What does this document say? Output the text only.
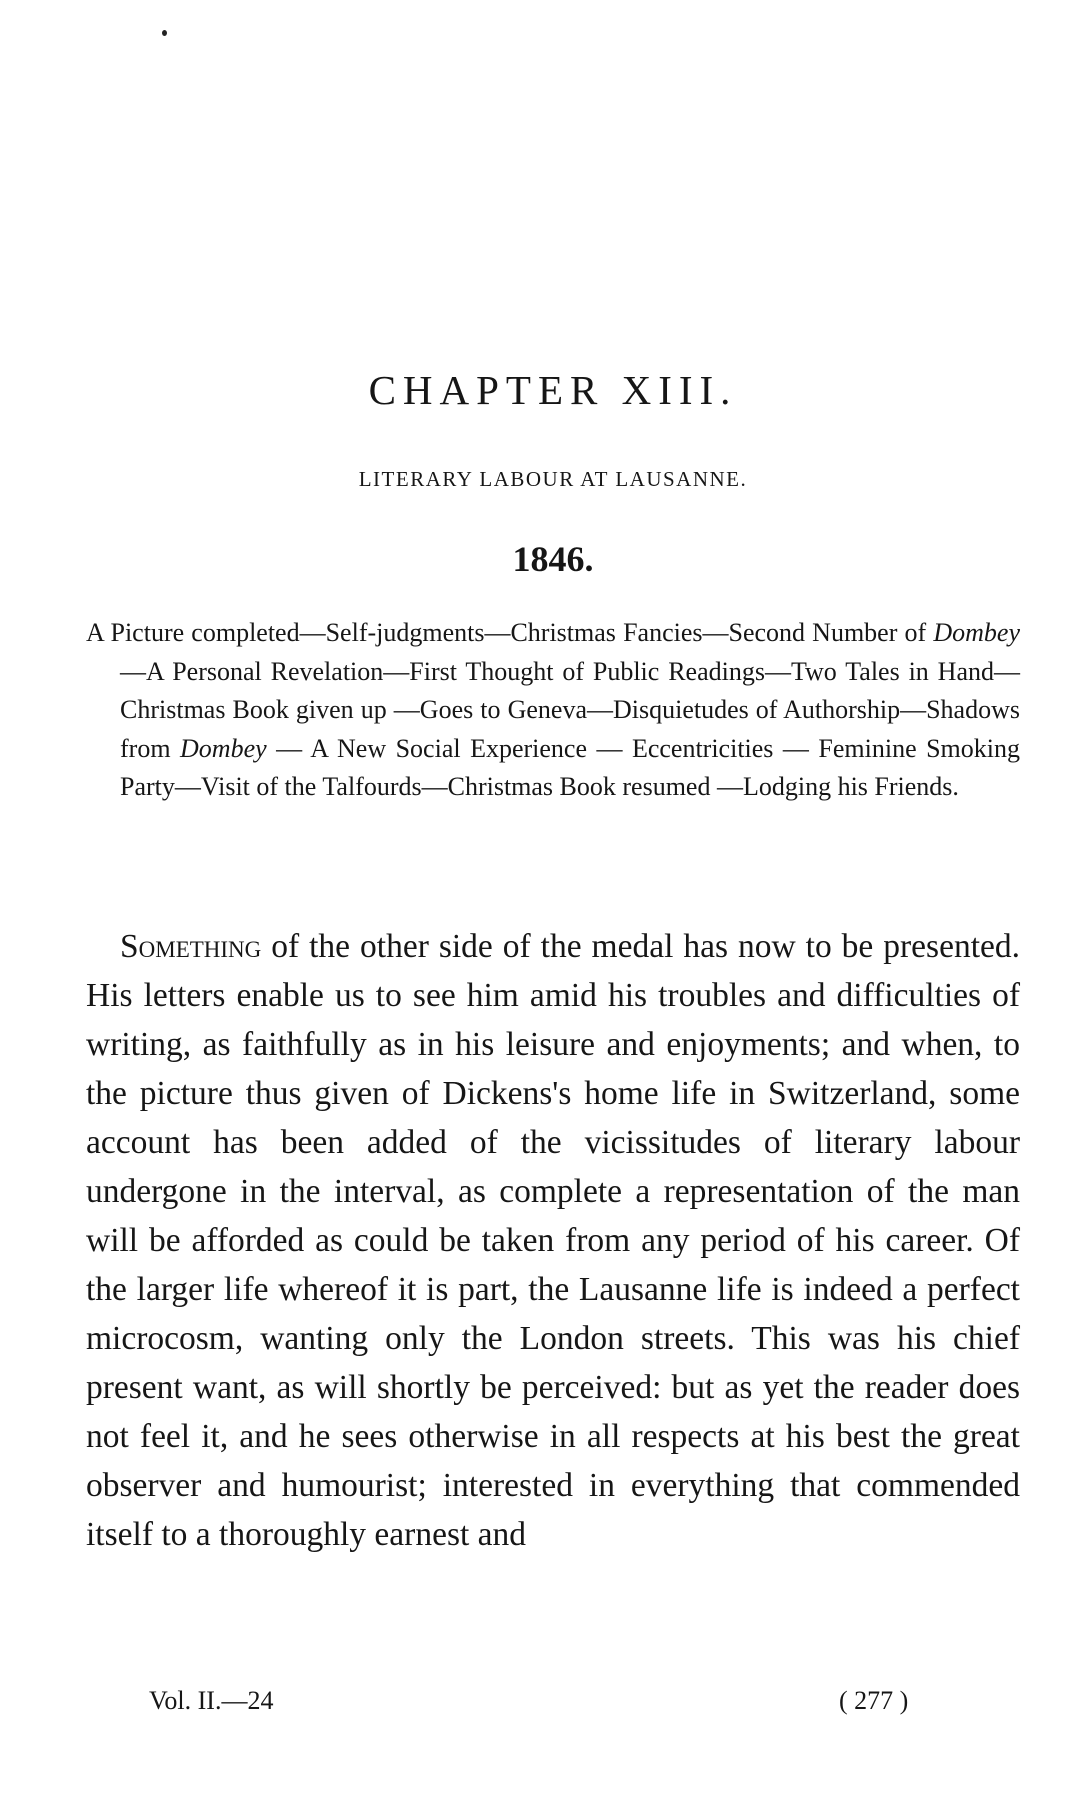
CHAPTER XIII.
LITERARY LABOUR AT LAUSANNE.
1846.

A Picture completed—Self-judgments—Christmas Fancies—Second Number of Dombey—A Personal Revelation—First Thought of Public Readings—Two Tales in Hand—Christmas Book given up —Goes to Geneva—Disquietudes of Authorship—Shadows from Dombey — A New Social Experience — Eccentricities — Feminine Smoking Party—Visit of the Talfourds—Christmas Book resumed —Lodging his Friends.

Something of the other side of the medal has now to be presented. His letters enable us to see him amid his troubles and difficulties of writing, as faithfully as in his leisure and enjoyments; and when, to the picture thus given of Dickens's home life in Switzerland, some account has been added of the vicissitudes of literary labour undergone in the interval, as complete a representation of the man will be afforded as could be taken from any period of his career. Of the larger life whereof it is part, the Lausanne life is indeed a perfect microcosm, wanting only the London streets. This was his chief present want, as will shortly be perceived: but as yet the reader does not feel it, and he sees otherwise in all respects at his best the great observer and humourist; interested in everything that commended itself to a thoroughly earnest and

Vol. II.—24	( 277 )
